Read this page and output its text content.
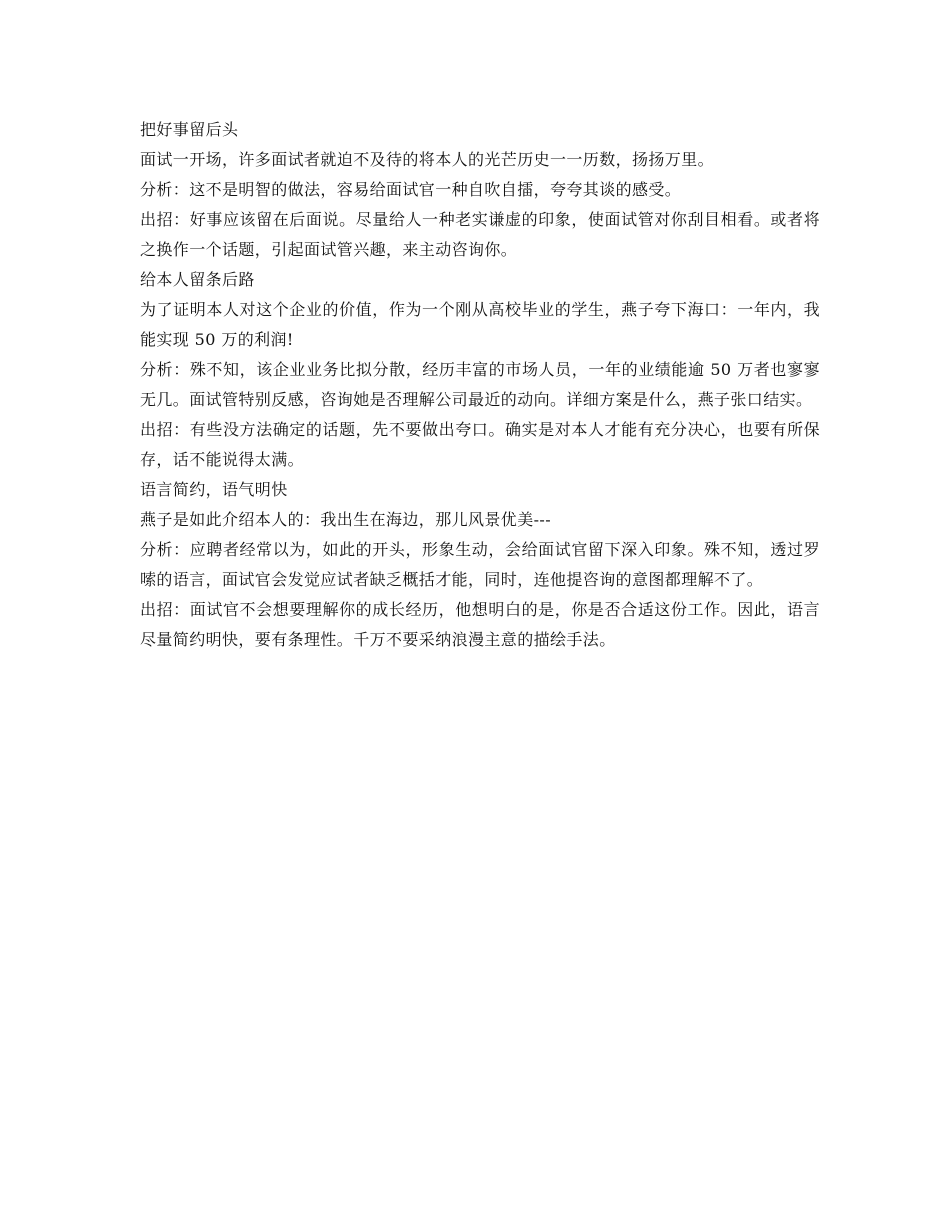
把好事留后头

面试一开场，许多面试者就迫不及待的将本人的光芒历史一一历数，扬扬万里。

分析：这不是明智的做法，容易给面试官一种自吹自擂，夸夸其谈的感受。

出招：好事应该留在后面说。尽量给人一种老实谦虚的印象，使面试管对你刮目相看。或者将之换作一个话题，引起面试管兴趣，来主动咨询你。

给本人留条后路

为了证明本人对这个企业的价值，作为一个刚从高校毕业的学生，燕子夸下海口：一年内，我能实现 50 万的利润!

分析：殊不知，该企业业务比拟分散，经历丰富的市场人员，一年的业绩能逾 50 万者也寥寥无几。面试管特别反感，咨询她是否理解公司最近的动向。详细方案是什么，燕子张口结实。

出招：有些没方法确定的话题，先不要做出夸口。确实是对本人才能有充分决心，也要有所保存，话不能说得太满。

语言简约，语气明快

燕子是如此介绍本人的：我出生在海边，那儿风景优美---

分析：应聘者经常以为，如此的开头，形象生动，会给面试官留下深入印象。殊不知，透过罗嗦的语言，面试官会发觉应试者缺乏概括才能，同时，连他提咨询的意图都理解不了。

出招：面试官不会想要理解你的成长经历，他想明白的是，你是否合适这份工作。因此，语言尽量简约明快，要有条理性。千万不要采纳浪漫主意的描绘手法。
